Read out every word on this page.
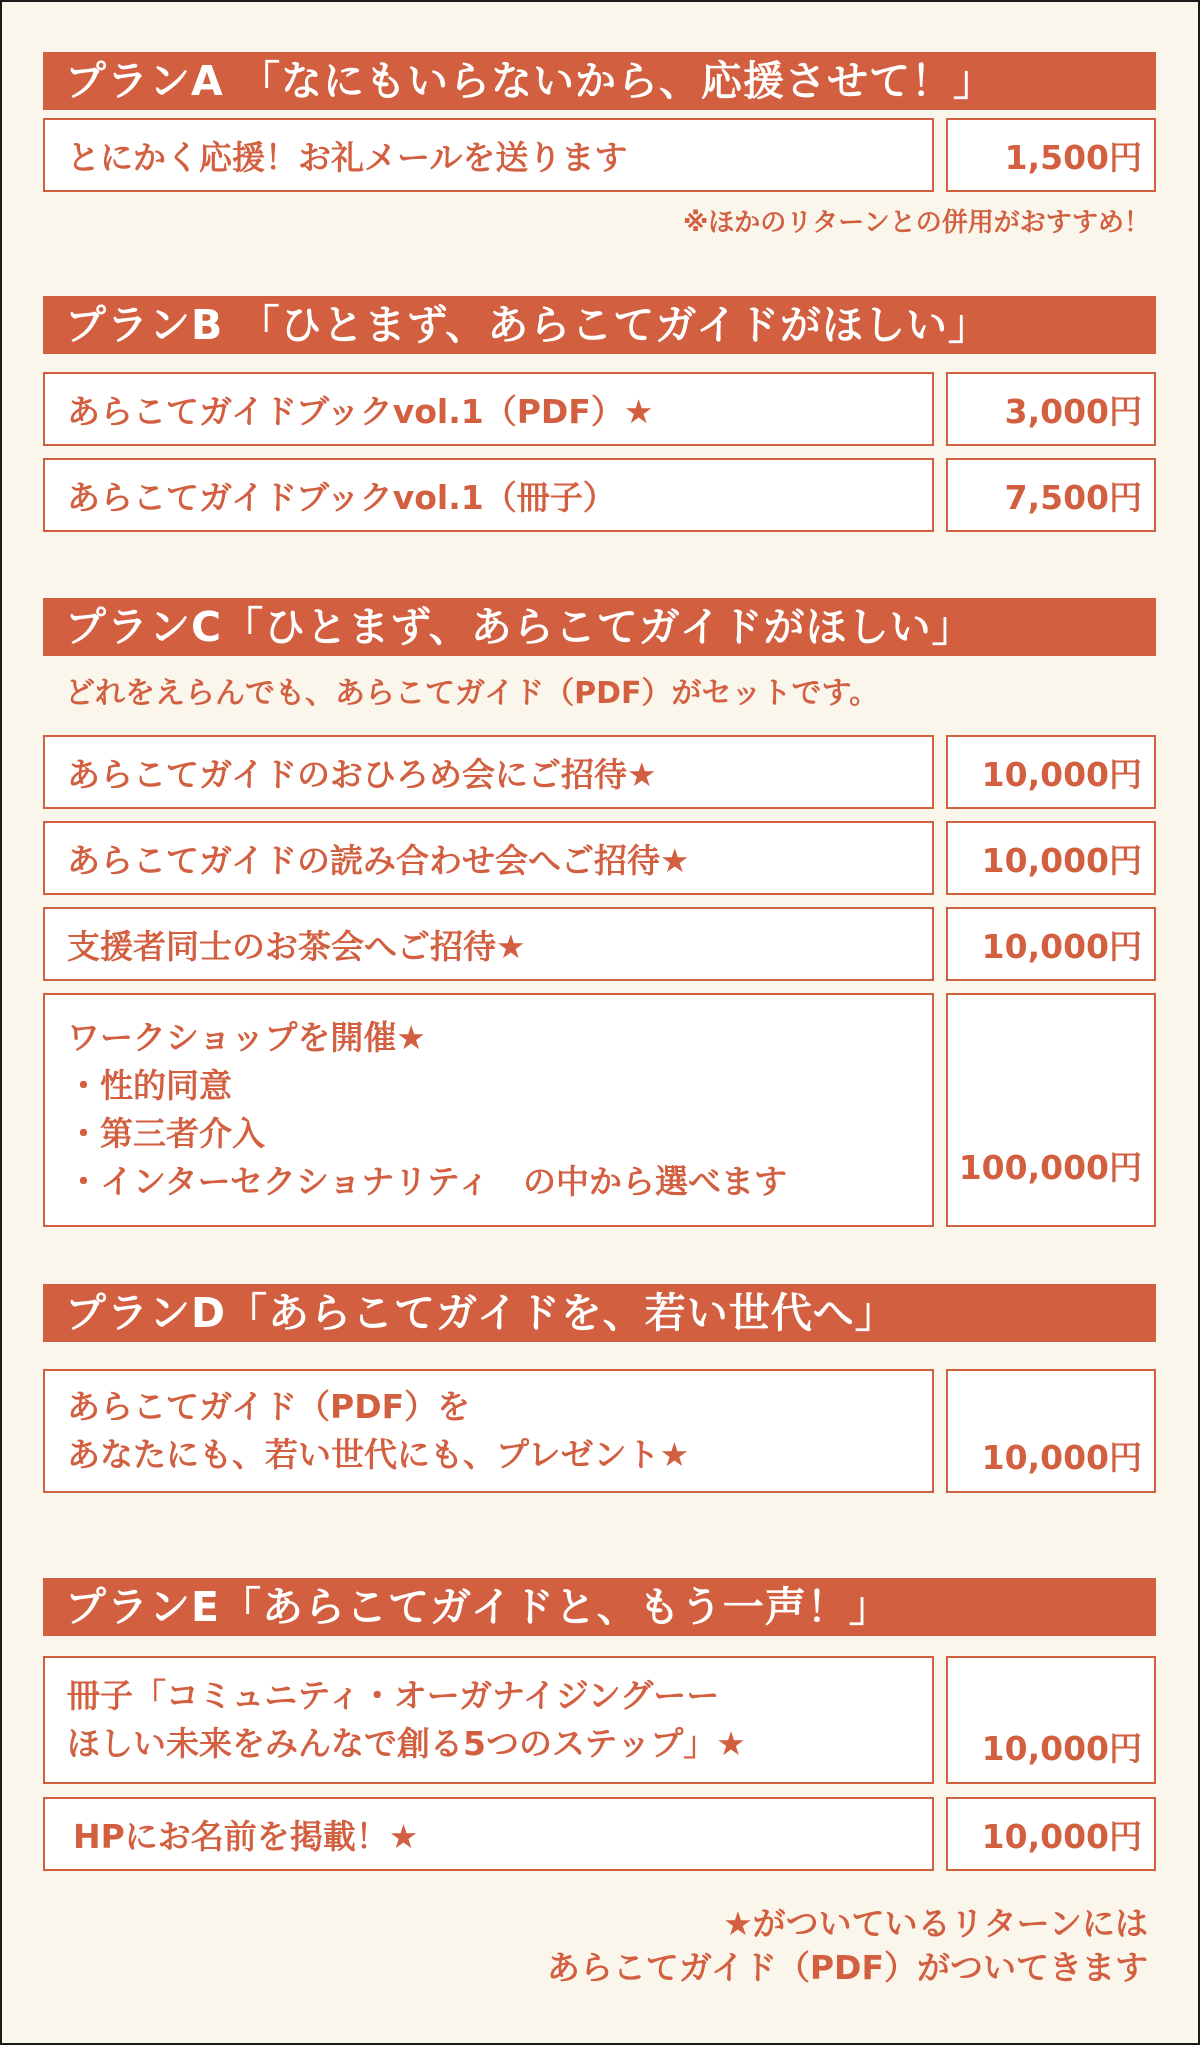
プランA 「なにもいらないから、応援させて！」
とにかく応援！お礼メールを送ります	1,500円
※ほかのリターンとの併用がおすすめ！
プランB 「ひとまず、あらこてガイドがほしい」
あらこてガイドブックvol.1（PDF）★	3,000円
あらこてガイドブックvol.1（冊子）	7,500円
プランC「ひとまず、あらこてガイドがほしい」
どれをえらんでも、あらこてガイド（PDF）がセットです。
あらこてガイドのおひろめ会にご招待★	10,000円
あらこてガイドの読み合わせ会へご招待★	10,000円
支援者同士のお茶会へご招待★	10,000円
ワークショップを開催★
・性的同意
・第三者介入
・インターセクショナリティ　の中から選べます	100,000円
プランD「あらこてガイドを、若い世代へ」
あらこてガイド（PDF）を
あなたにも、若い世代にも、プレゼント★	10,000円
プランE「あらこてガイドと、もう一声！」
冊子「コミュニティ・オーガナイジングーー
ほしい未来をみんなで創る5つのステップ」★	10,000円
HPにお名前を掲載！★	10,000円
★がついているリターンには
あらこてガイド（PDF）がついてきます
